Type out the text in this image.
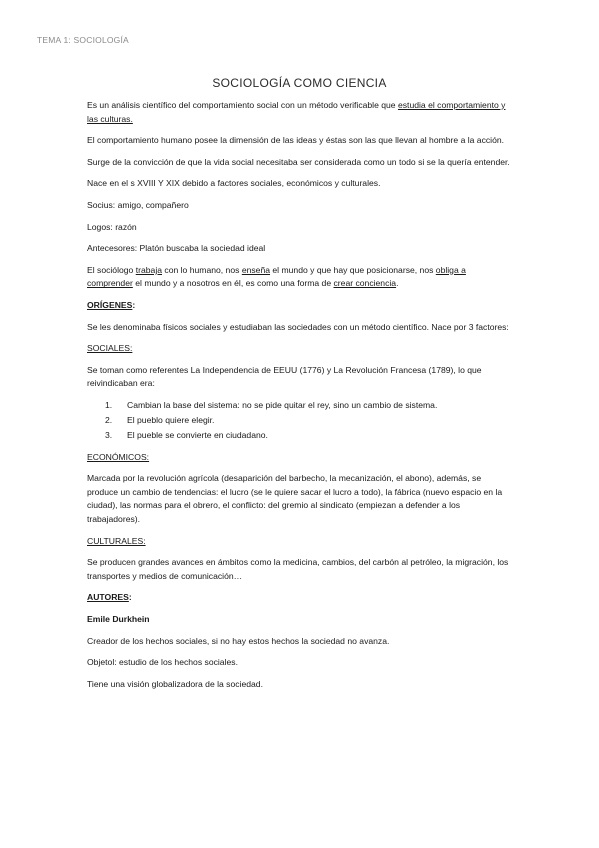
TEMA 1: SOCIOLOGÍA
SOCIOLOGÍA COMO CIENCIA

Es un análisis científico del comportamiento social con un método verificable que estudia el comportamiento y las culturas.

El comportamiento humano posee la dimensión de las ideas y éstas son las que llevan al hombre a la acción.

Surge de la convicción de que la vida social necesitaba ser considerada como un todo si se la quería entender.

Nace en el s XVIII Y XIX debido a factores sociales, económicos y culturales.

Socius: amigo, compañero

Logos: razón

Antecesores: Platón buscaba la sociedad ideal

El sociólogo trabaja con lo humano, nos enseña el mundo y que hay que posicionarse, nos obliga a comprender el mundo y a nosotros en él, es como una forma de crear conciencia.

ORÍGENES:

Se les denominaba físicos sociales y estudiaban las sociedades con un método científico. Nace por 3 factores:

SOCIALES:

Se toman como referentes La Independencia de EEUU (1776) y La Revolución Francesa (1789), lo que reivindicaban era:

1.	Cambian la base del sistema: no se pide quitar el rey, sino un cambio de sistema.
2.	El pueblo quiere elegir.
3.	El pueble se convierte en ciudadano.

ECONÓMICOS:

Marcada por la revolución agrícola (desaparición del barbecho, la mecanización, el abono), además, se produce un cambio de tendencias: el lucro (se le quiere sacar el lucro a todo), la fábrica (nuevo espacio en la ciudad), las normas para el obrero, el conflicto: del gremio al sindicato (empiezan a defender a los trabajadores).

CULTURALES:

Se producen grandes avances en ámbitos como la medicina, cambios, del carbón al petróleo, la migración, los transportes y medios de comunicación…

AUTORES:

Emile Durkhein

Creador de los hechos sociales, si no hay estos hechos la sociedad no avanza.

Objetol: estudio de los hechos sociales.

Tiene una visión globalizadora de la sociedad.
